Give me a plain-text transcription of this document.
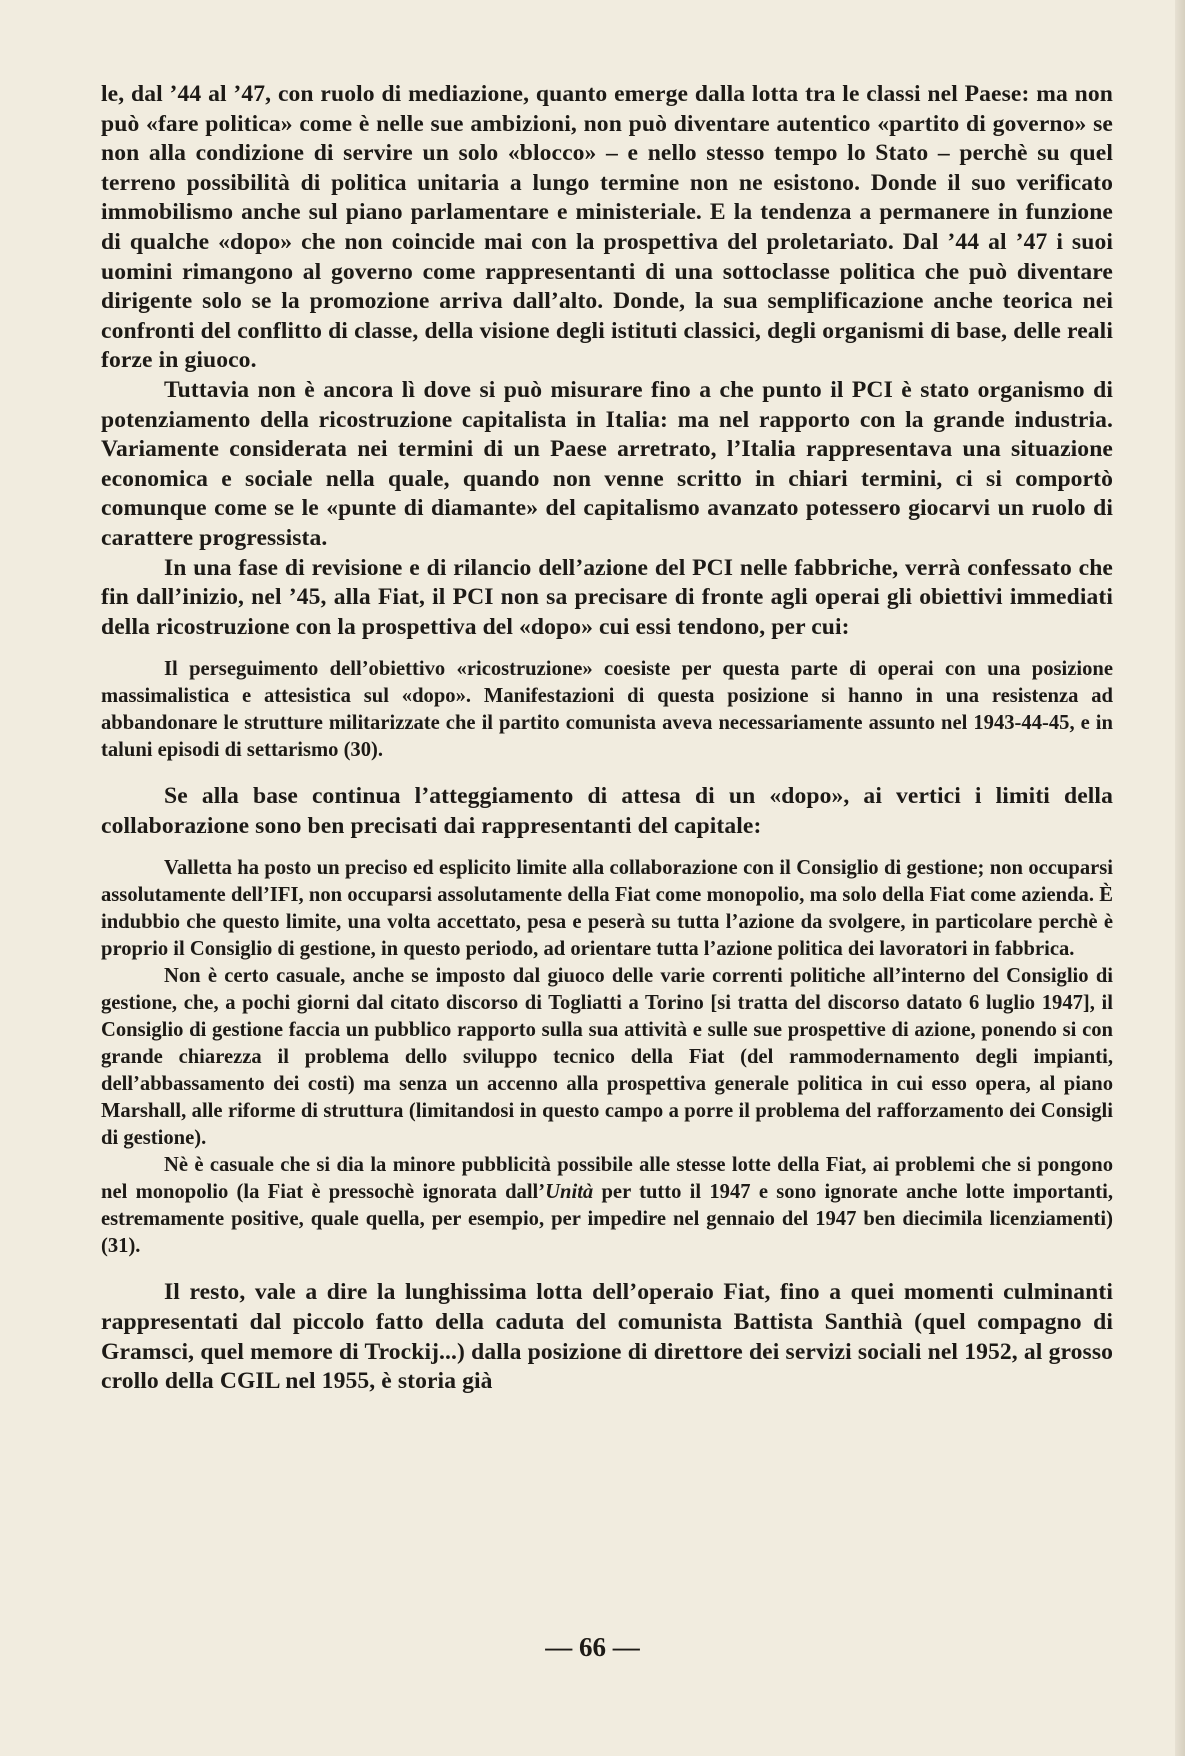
le, dal ’44 al ’47, con ruolo di mediazione, quanto emerge dalla lotta tra le classi nel Paese: ma non può «fare politica» come è nelle sue ambizioni, non può diventare autentico «partito di governo» se non alla condizione di servire un solo «blocco» – e nello stesso tempo lo Stato – perchè su quel terreno possibilità di politica unitaria a lungo termine non ne esistono. Donde il suo verificato immobilismo anche sul piano parlamentare e ministeriale. E la tendenza a permanere in funzione di qualche «dopo» che non coincide mai con la prospettiva del proletariato. Dal ’44 al ’47 i suoi uomini rimangono al governo come rappresentanti di una sottoclasse politica che può diventare dirigente solo se la promozione arriva dall’alto. Donde, la sua semplificazione anche teorica nei confronti del conflitto di classe, della visione degli istituti classici, degli organismi di base, delle reali forze in giuoco.

Tuttavia non è ancora lì dove si può misurare fino a che punto il PCI è stato organismo di potenziamento della ricostruzione capitalista in Italia: ma nel rapporto con la grande industria. Variamente considerata nei termini di un Paese arretrato, l’Italia rappresentava una situazione economica e sociale nella quale, quando non venne scritto in chiari termini, ci si comportò comunque come se le «punte di diamante» del capitalismo avanzato potessero giocarvi un ruolo di carattere progressista.

In una fase di revisione e di rilancio dell’azione del PCI nelle fabbriche, verrà confessato che fin dall’inizio, nel ’45, alla Fiat, il PCI non sa precisare di fronte agli operai gli obiettivi immediati della ricostruzione con la prospettiva del «dopo» cui essi tendono, per cui:

Il perseguimento dell’obiettivo «ricostruzione» coesiste per questa parte di operai con una posizione massimalistica e attesistica sul «dopo». Manifestazioni di questa posizione si hanno in una resistenza ad abbandonare le strutture militarizzate che il partito comunista aveva necessariamente assunto nel 1943-44-45, e in taluni episodi di settarismo (30).

Se alla base continua l’atteggiamento di attesa di un «dopo», ai vertici i limiti della collaborazione sono ben precisati dai rappresentanti del capitale:

Valletta ha posto un preciso ed esplicito limite alla collaborazione con il Consiglio di gestione; non occuparsi assolutamente dell’IFI, non occuparsi assolutamente della Fiat come monopolio, ma solo della Fiat come azienda. È indubbio che questo limite, una volta accettato, pesa e peserà su tutta l’azione da svolgere, in particolare perchè è proprio il Consiglio di gestione, in questo periodo, ad orientare tutta l’azione politica dei lavoratori in fabbrica.

Non è certo casuale, anche se imposto dal giuoco delle varie correnti politiche all’interno del Consiglio di gestione, che, a pochi giorni dal citato discorso di Togliatti a Torino [si tratta del discorso datato 6 luglio 1947], il Consiglio di gestione faccia un pubblico rapporto sulla sua attività e sulle sue prospettive di azione, ponendo si con grande chiarezza il problema dello sviluppo tecnico della Fiat (del rammodernamento degli impianti, dell’abbassamento dei costi) ma senza un accenno alla prospettiva generale politica in cui esso opera, al piano Marshall, alle riforme di struttura (limitandosi in questo campo a porre il problema del rafforzamento dei Consigli di gestione).

Nè è casuale che si dia la minore pubblicità possibile alle stesse lotte della Fiat, ai problemi che si pongono nel monopolio (la Fiat è pressochè ignorata dall’Unità per tutto il 1947 e sono ignorate anche lotte importanti, estremamente positive, quale quella, per esempio, per impedire nel gennaio del 1947 ben diecimila licenziamenti) (31).

Il resto, vale a dire la lunghissima lotta dell’operaio Fiat, fino a quei momenti culminanti rappresentati dal piccolo fatto della caduta del comunista Battista Santhià (quel compagno di Gramsci, quel memore di Trockij...) dalla posizione di direttore dei servizi sociali nel 1952, al grosso crollo della CGIL nel 1955, è storia già

— 66 —
